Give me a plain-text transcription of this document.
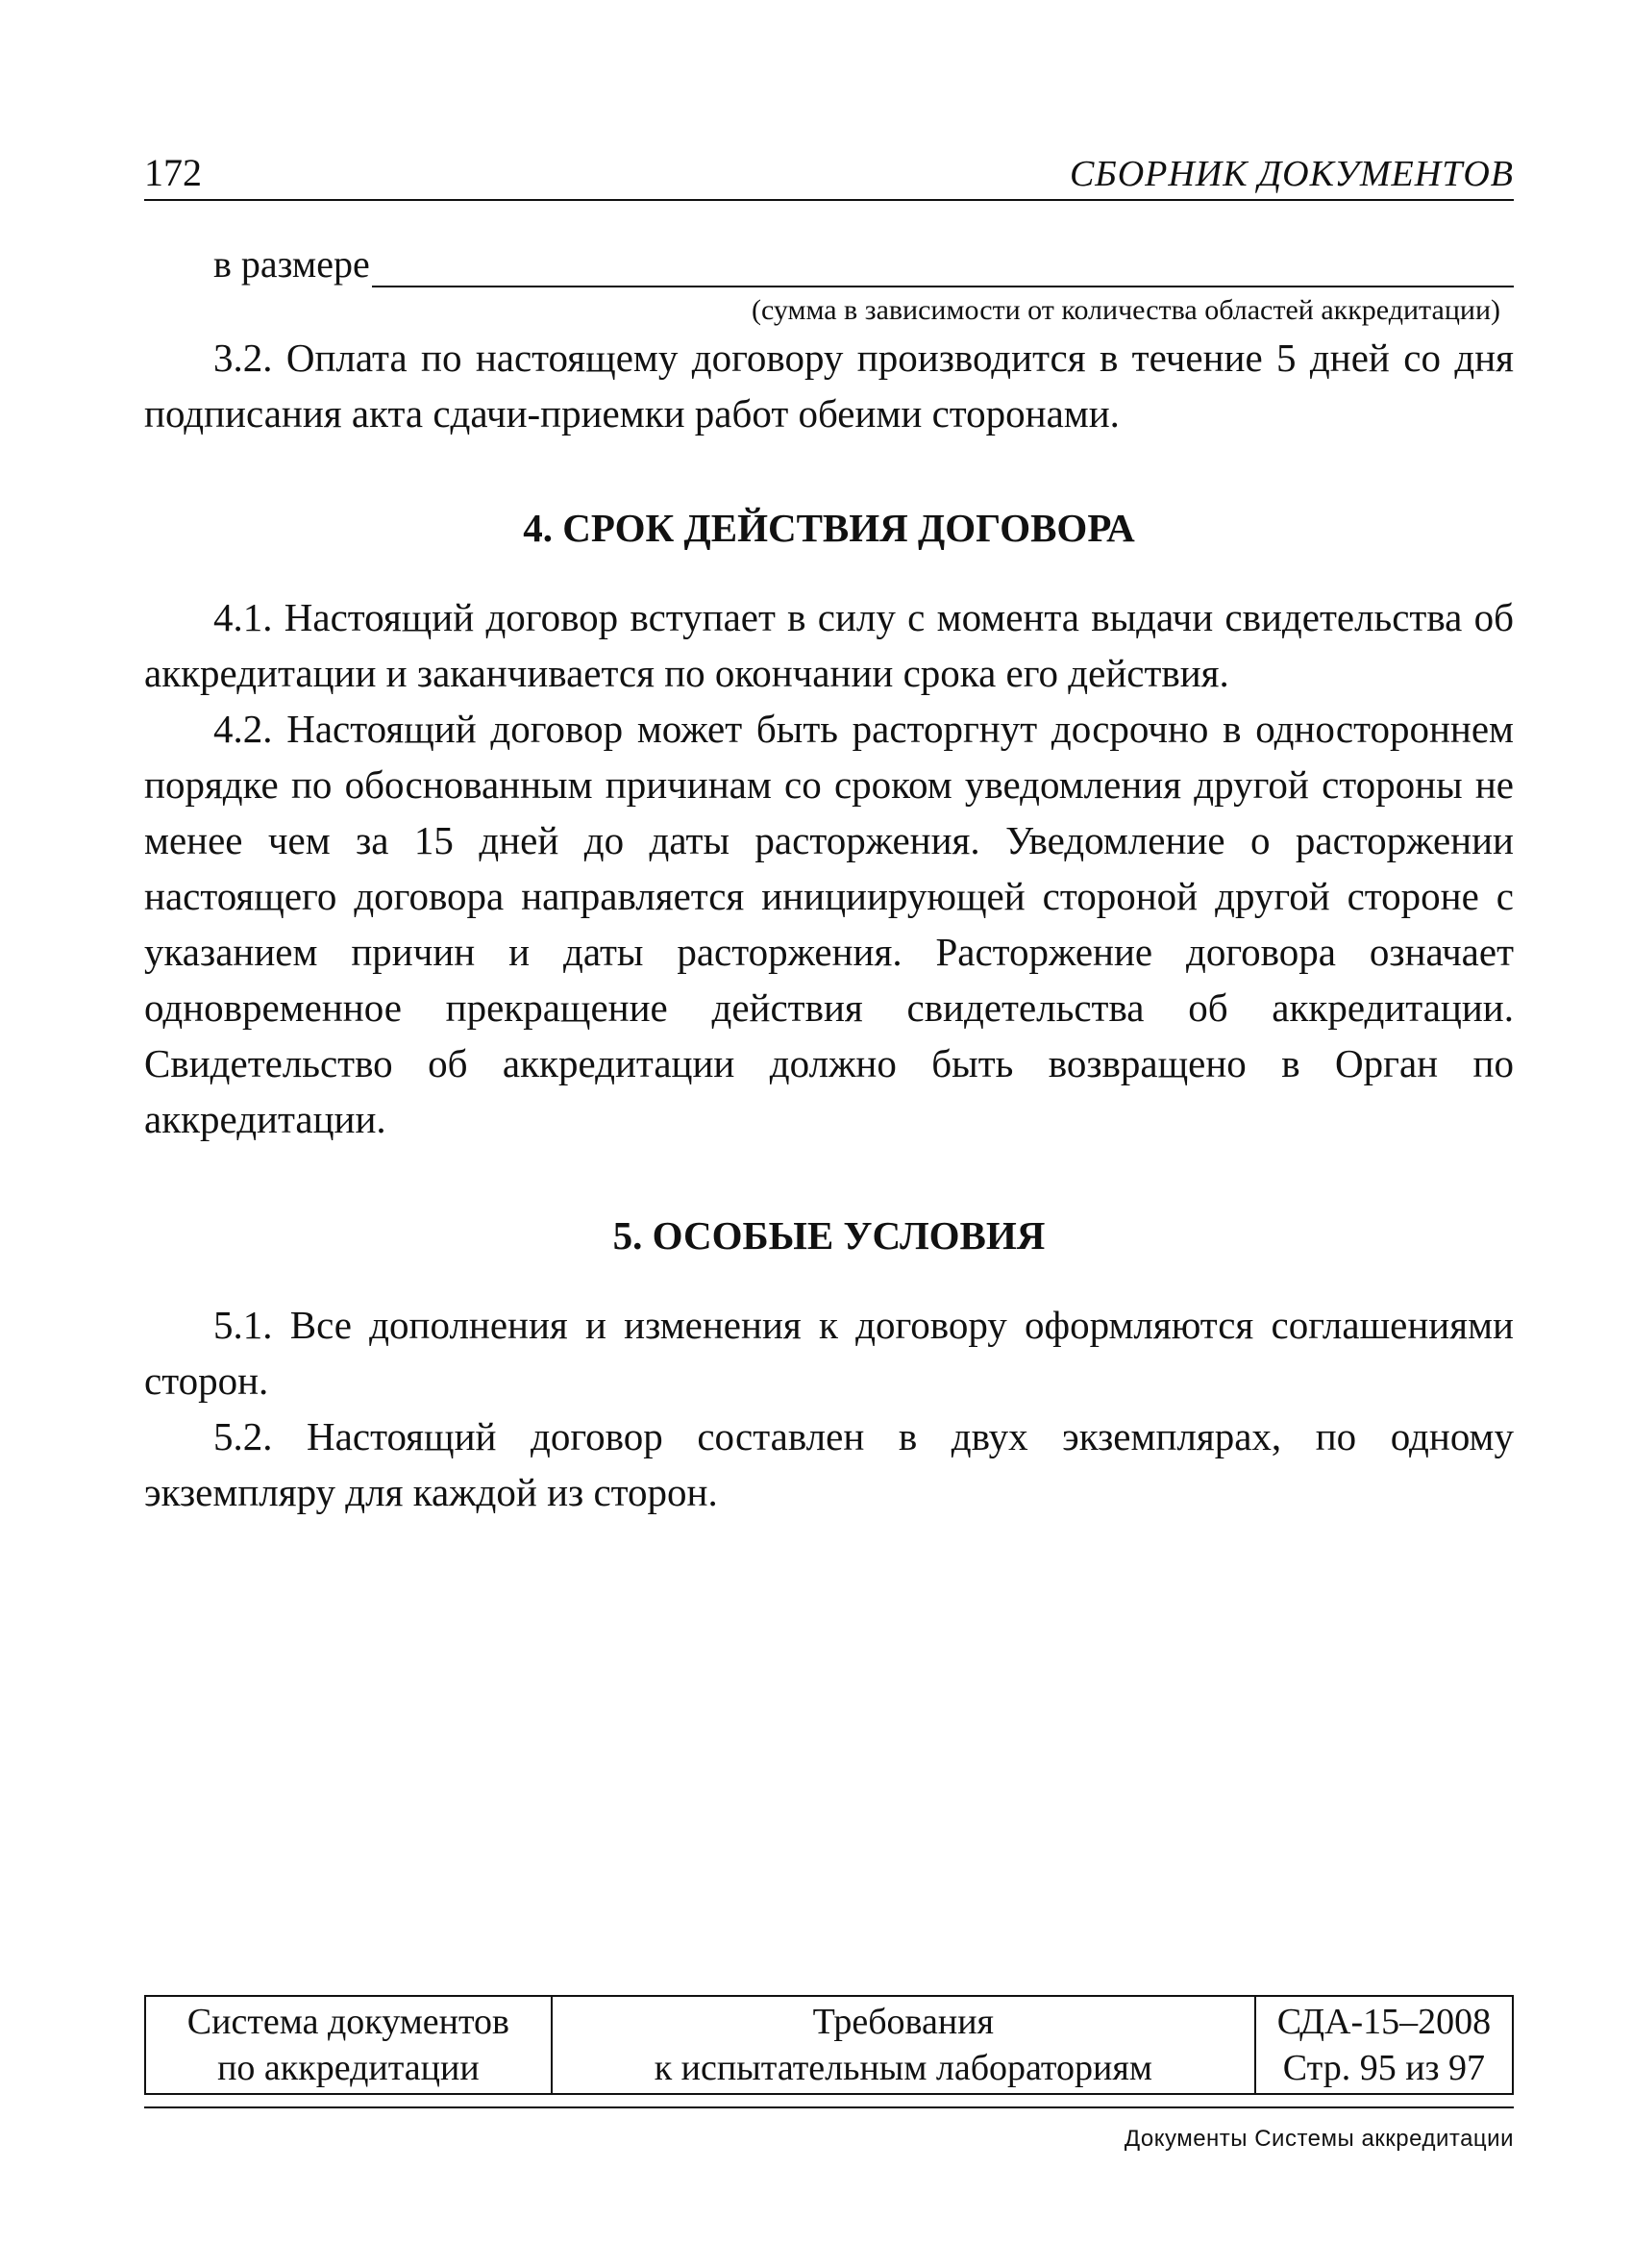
172	СБОРНИК ДОКУМЕНТОВ
в размере
(сумма в зависимости от количества областей аккредитации)

3.2. Оплата по настоящему договору производится в течение 5 дней со дня подписания акта сдачи-приемки работ обеими сторонами.

4. СРОК ДЕЙСТВИЯ ДОГОВОРА

4.1. Настоящий договор вступает в силу с момента выдачи свидетельства об аккредитации и заканчивается по окончании срока его действия.

4.2. Настоящий договор может быть расторгнут досрочно в одностороннем порядке по обоснованным причинам со сроком уведомления другой стороны не менее чем за 15 дней до даты расторжения. Уведомление о расторжении настоящего договора направляется инициирующей стороной другой стороне с указанием причин и даты расторжения. Расторжение договора означает одновременное прекращение действия свидетельства об аккредитации. Свидетельство об аккредитации должно быть возвращено в Орган по аккредитации.

5. ОСОБЫЕ УСЛОВИЯ

5.1. Все дополнения и изменения к договору оформляются соглашениями сторон.

5.2. Настоящий договор составлен в двух экземплярах, по одному экземпляру для каждой из сторон.

Система документов
по аккредитации

Требования
к испытательным лабораториям

СДА-15–2008
Стр. 95 из 97
Документы Системы аккредитации
